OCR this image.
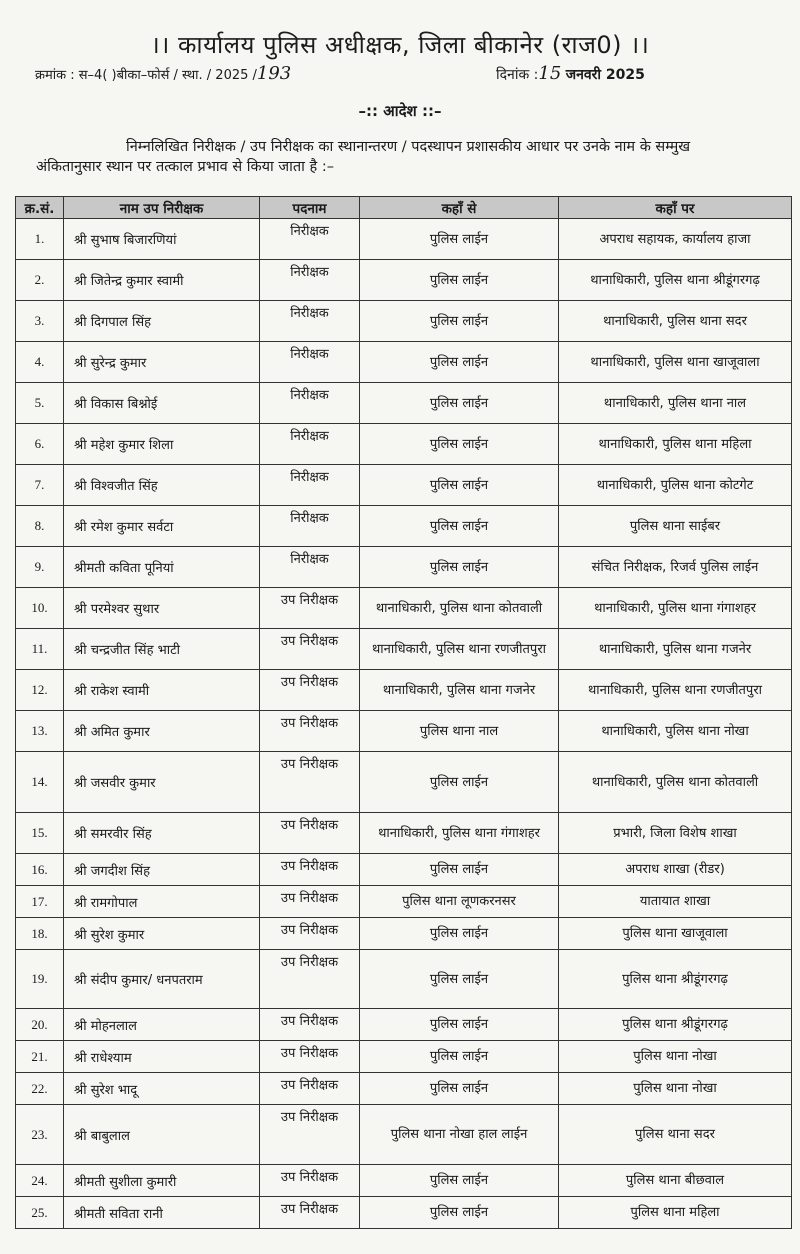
।। कार्यालय पुलिस अधीक्षक, जिला बीकानेर (राज0) ।।
क्रमांक : स–4( )बीका–फोर्स / स्था. / 2025 /193	दिनांक :15 जनवरी 2025
–:: आदेश ::–
निम्नलिखित निरीक्षक / उप निरीक्षक का स्थानान्तरण / पदस्थापन प्रशासकीय आधार पर उनके नाम के सम्मुख अंकितानुसार स्थान पर तत्काल प्रभाव से किया जाता है :–
क्र.सं.	नाम उप निरीक्षक	पदनाम	कहाँ से	कहाँ पर
1.	श्री सुभाष बिजारणियां	निरीक्षक	पुलिस लाईन	अपराध सहायक, कार्यालय हाजा
2.	श्री जितेन्द्र कुमार स्वामी	निरीक्षक	पुलिस लाईन	थानाधिकारी, पुलिस थाना श्रीडूंगरगढ़
3.	श्री दिगपाल सिंह	निरीक्षक	पुलिस लाईन	थानाधिकारी, पुलिस थाना सदर
4.	श्री सुरेन्द्र कुमार	निरीक्षक	पुलिस लाईन	थानाधिकारी, पुलिस थाना खाजूवाला
5.	श्री विकास बिश्नोई	निरीक्षक	पुलिस लाईन	थानाधिकारी, पुलिस थाना नाल
6.	श्री महेश कुमार शिला	निरीक्षक	पुलिस लाईन	थानाधिकारी, पुलिस थाना महिला
7.	श्री विश्वजीत सिंह	निरीक्षक	पुलिस लाईन	थानाधिकारी, पुलिस थाना कोटगेट
8.	श्री रमेश कुमार सर्वटा	निरीक्षक	पुलिस लाईन	पुलिस थाना साईबर
9.	श्रीमती कविता पूनियां	निरीक्षक	पुलिस लाईन	संचित निरीक्षक, रिजर्व पुलिस लाईन
10.	श्री परमेश्वर सुथार	उप निरीक्षक	थानाधिकारी, पुलिस थाना कोतवाली	थानाधिकारी, पुलिस थाना गंगाशहर
11.	श्री चन्द्रजीत सिंह भाटी	उप निरीक्षक	थानाधिकारी, पुलिस थाना रणजीतपुरा	थानाधिकारी, पुलिस थाना गजनेर
12.	श्री राकेश स्वामी	उप निरीक्षक	थानाधिकारी, पुलिस थाना गजनेर	थानाधिकारी, पुलिस थाना रणजीतपुरा
13.	श्री अमित कुमार	उप निरीक्षक	पुलिस थाना नाल	थानाधिकारी, पुलिस थाना नोखा
14.	श्री जसवीर कुमार	उप निरीक्षक	पुलिस लाईन	थानाधिकारी, पुलिस थाना कोतवाली
15.	श्री समरवीर सिंह	उप निरीक्षक	थानाधिकारी, पुलिस थाना गंगाशहर	प्रभारी, जिला विशेष शाखा
16.	श्री जगदीश सिंह	उप निरीक्षक	पुलिस लाईन	अपराध शाखा (रीडर)
17.	श्री रामगोपाल	उप निरीक्षक	पुलिस थाना लूणकरनसर	यातायात शाखा
18.	श्री सुरेश कुमार	उप निरीक्षक	पुलिस लाईन	पुलिस थाना खाजूवाला
19.	श्री संदीप कुमार/ धनपतराम	उप निरीक्षक	पुलिस लाईन	पुलिस थाना श्रीडूंगरगढ़
20.	श्री मोहनलाल	उप निरीक्षक	पुलिस लाईन	पुलिस थाना श्रीडूंगरगढ़
21.	श्री राधेश्याम	उप निरीक्षक	पुलिस लाईन	पुलिस थाना नोखा
22.	श्री सुरेश भादू	उप निरीक्षक	पुलिस लाईन	पुलिस थाना नोखा
23.	श्री बाबुलाल	उप निरीक्षक	पुलिस थाना नोखा हाल लाईन	पुलिस थाना सदर
24.	श्रीमती सुशीला कुमारी	उप निरीक्षक	पुलिस लाईन	पुलिस थाना बीछवाल
25.	श्रीमती सविता रानी	उप निरीक्षक	पुलिस लाईन	पुलिस थाना महिला
